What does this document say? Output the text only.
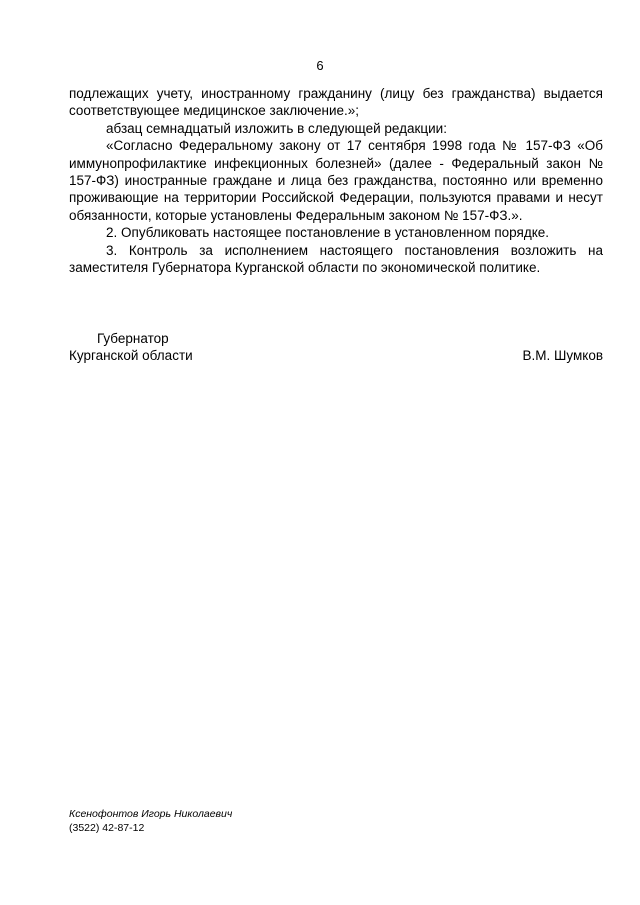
6

подлежащих учету, иностранному гражданину (лицу без гражданства) выдается соответствующее медицинское заключение.»;

абзац семнадцатый изложить в следующей редакции:

«Согласно Федеральному закону от 17 сентября 1998 года № 157-ФЗ «Об иммунопрофилактике инфекционных болезней» (далее - Федеральный закон № 157-ФЗ) иностранные граждане и лица без гражданства, постоянно или временно проживающие на территории Российской Федерации, пользуются правами и несут обязанности, которые установлены Федеральным законом № 157-ФЗ.».

2. Опубликовать настоящее постановление в установленном порядке.

3. Контроль за исполнением настоящего постановления возложить на заместителя Губернатора Курганской области по экономической политике.

Губернатор
Курганской области	В.М. Шумков
Ксенофонтов Игорь Николаевич
(3522) 42-87-12
